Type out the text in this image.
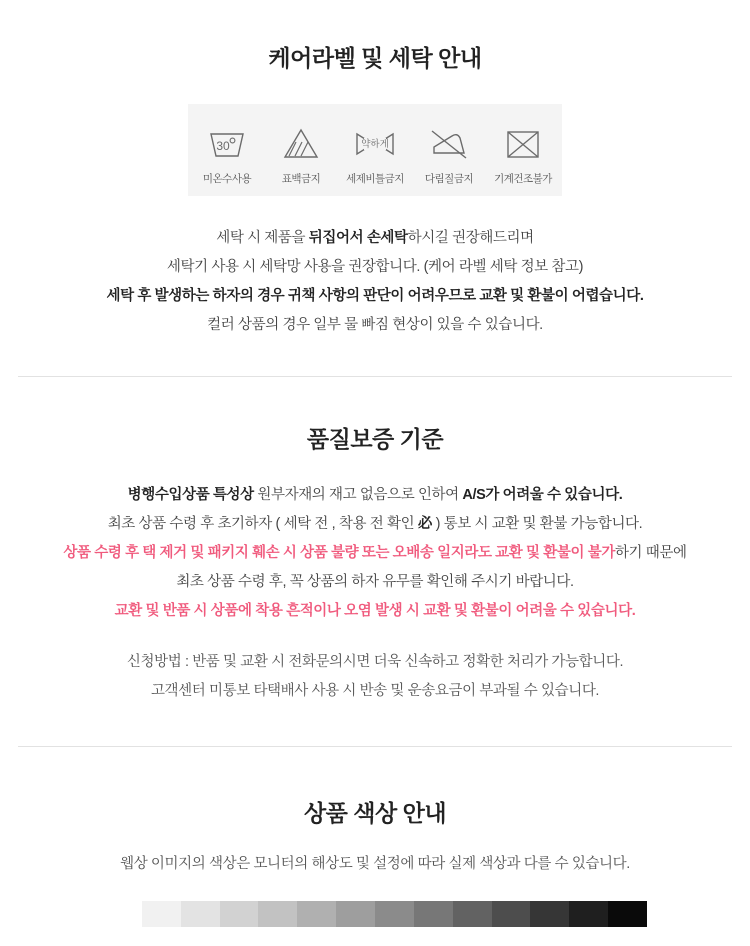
케어라벨 및 세탁 안내
30
미온수사용	표백금지
약하게
세제비틀금지 다림질금지 기계건조불가
세탁 시 제품을 뒤집어서 손세탁하시길 권장해드리며
세탁기 사용 시 세탁망 사용을 권장합니다. (케어 라벨 세탁 정보 참고)
세탁 후 발생하는 하자의 경우 귀책 사항의 판단이 어려우므로 교환 및 환불이 어렵습니다.
컬러 상품의 경우 일부 물 빠짐 현상이 있을 수 있습니다.
품질보증 기준
병행수입상품 특성상 원부자재의 재고 없음으로 인하여 A/S가 어려울 수 있습니다.
최초 상품 수령 후 초기하자 ( 세탁 전 , 착용 전 확인 必 ) 통보 시 교환 및 환불 가능합니다.
상품 수령 후 택 제거 및 패키지 훼손 시 상품 불량 또는 오배송 일지라도 교환 및 환불이 불가하기 때문에
최초 상품 수령 후, 꼭 상품의 하자 유무를 확인해 주시기 바랍니다.
교환 및 반품 시 상품에 착용 흔적이나 오염 발생 시 교환 및 환불이 어려울 수 있습니다.
신청방법 : 반품 및 교환 시 전화문의시면 더욱 신속하고 정확한 처리가 가능합니다.
고객센터 미통보 타택배사 사용 시 반송 및 운송요금이 부과될 수 있습니다.
상품 색상 안내
웹상 이미지의 색상은 모니터의 해상도 및 설정에 따라 실제 색상과 다를 수 있습니다.
